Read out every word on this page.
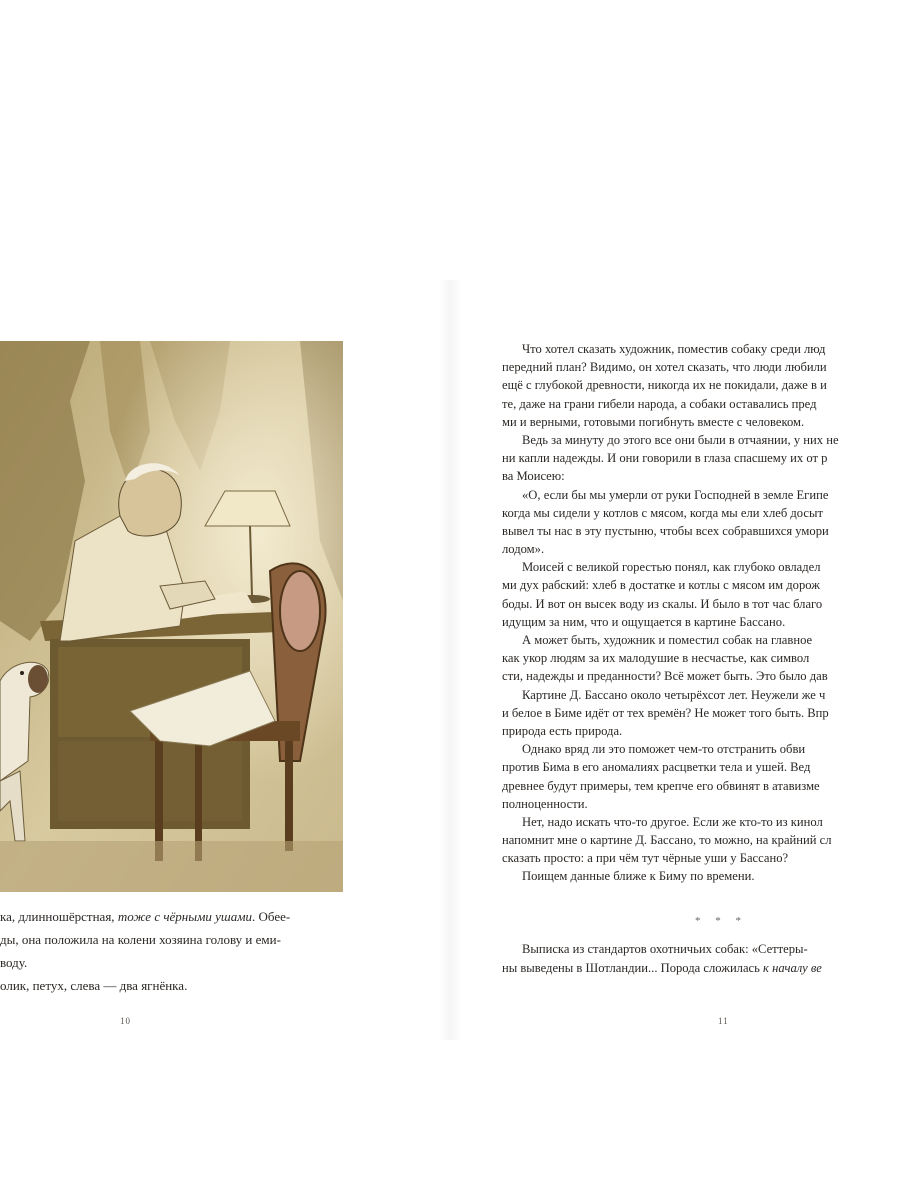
ка, длинношёрстная, тоже с чёрными ушами. Обее-
ды, она положила на колени хозяина голову и еми-
воду.
олик, петух, слева — два ягнёнка.
10
Что хотел сказать художник, поместив собаку среди люд
передний план? Видимо, он хотел сказать, что люди любили
ещё с глубокой древности, никогда их не покидали, даже в и
те, даже на грани гибели народа, а собаки оставались пред
ми и верными, готовыми погибнуть вместе с человеком.
Ведь за минуту до этого все они были в отчаянии, у них не
ни капли надежды. И они говорили в глаза спасшему их от р
ва Моисею:
«О, если бы мы умерли от руки Господней в земле Египе
когда мы сидели у котлов с мясом, когда мы ели хлеб досыт
вывел ты нас в эту пустыню, чтобы всех собравшихся умори
лодом».
Моисей с великой горестью понял, как глубоко овладел
ми дух рабский: хлеб в достатке и котлы с мясом им дорож
боды. И вот он высек воду из скалы. И было в тот час благо
идущим за ним, что и ощущается в картине Бассано.
А может быть, художник и поместил собак на главное
как укор людям за их малодушие в несчастье, как символ
сти, надежды и преданности? Всё может быть. Это было дав
Картине Д. Бассано около четырёхсот лет. Неужели же ч
и белое в Биме идёт от тех времён? Не может того быть. Впр
природа есть природа.
Однако вряд ли это поможет чем-то отстранить обви
против Бима в его аномалиях расцветки тела и ушей. Вед
древнее будут примеры, тем крепче его обвинят в атавизме
полноценности.
Нет, надо искать что-то другое. Если же кто-то из кинол
напомнит мне о картине Д. Бассано, то можно, на крайний сл
сказать просто: а при чём тут чёрные уши у Бассано?
Поищем данные ближе к Биму по времени.
* * *
Выписка из стандартов охотничьих собак: «Сеттеры-
ны выведены в Шотландии... Порода сложилась к началу ве
11
